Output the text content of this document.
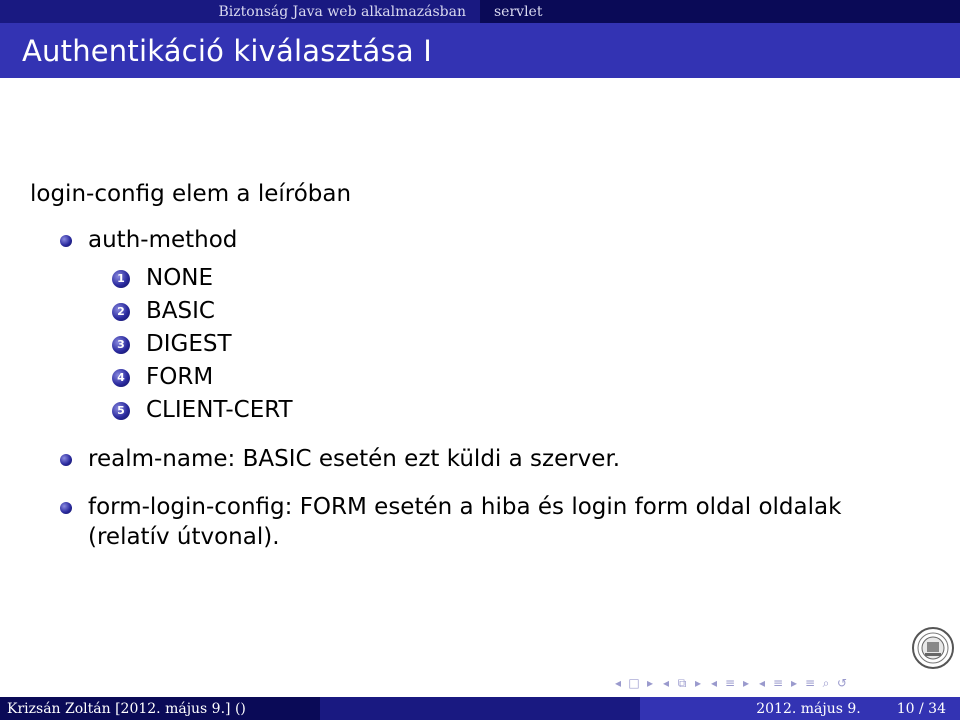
Biztonság Java web alkalmazásban servlet
Authentikáció kiválasztása I
login-config elem a leíróban
auth-method
1 NONE
2 BASIC
3 DIGEST
4 FORM
5 CLIENT-CERT
realm-name: BASIC esetén ezt küldi a szerver.
form-login-config: FORM esetén a hiba és login form oldal oldalak (relatív útvonal).
◂ □ ▸ ◂ ⧉ ▸ ◂ ≡ ▸ ◂ ≡ ▸ ≡ ⌕ ↺
Krizsán Zoltán [2012. május 9.] ()	2012. május 9.	10 / 34
